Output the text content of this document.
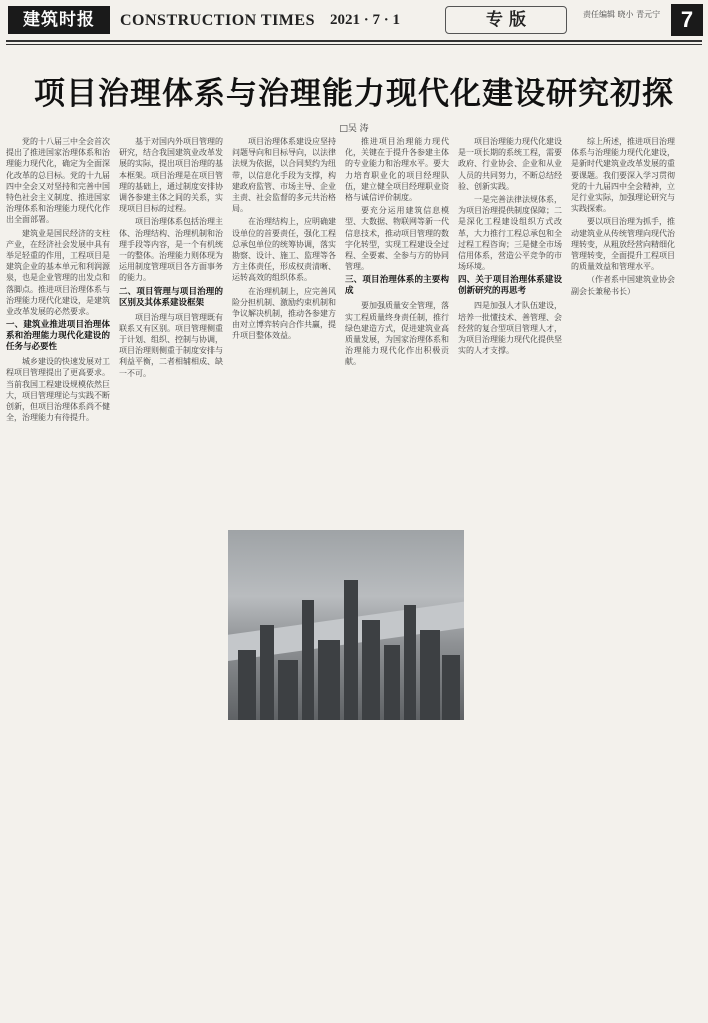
建筑时报	CONSTRUCTION TIMES 2021 · 7 · 1	专 版	责任编辑 晓小 青元宁 7
项目治理体系与治理能力现代化建设研究初探
□吴 涛

党的十八届三中全会首次提出了推进国家治理体系和治理能力现代化，确定为全面深化改革的总目标。党的十九届四中全会又对坚持和完善中国特色社会主义制度、推进国家治理体系和治理能力现代化作出全面部署。

建筑业是国民经济的支柱产业，在经济社会发展中具有举足轻重的作用，工程项目是建筑企业的基本单元和利润源泉，也是企业管理的出发点和落脚点。推进项目治理体系与治理能力现代化建设，是建筑业改革发展的必然要求。

一、建筑业推进项目治理体系和治理能力现代化建设的任务与必要性

城乡建设的快速发展对工程项目管理提出了更高要求。当前我国工程建设规模依然巨大，项目管理理论与实践不断创新，但项目治理体系尚不健全，治理能力有待提升。

基于对国内外项目管理的研究，结合我国建筑业改革发展的实际，提出项目治理的基本框架。项目治理是在项目管理的基础上，通过制度安排协调各参建主体之间的关系，实现项目目标的过程。

项目治理体系包括治理主体、治理结构、治理机制和治理手段等内容，是一个有机统一的整体。治理能力则体现为运用制度管理项目各方面事务的能力。

二、项目管理与项目治理的区别及其体系建设框架

项目治理与项目管理既有联系又有区别。项目管理侧重于计划、组织、控制与协调，项目治理则侧重于制度安排与利益平衡，二者相辅相成、缺一不可。

项目治理体系建设应坚持问题导向和目标导向，以法律法规为依据，以合同契约为纽带，以信息化手段为支撑，构建政府监管、市场主导、企业主责、社会监督的多元共治格局。

在治理结构上，应明确建设单位的首要责任，强化工程总承包单位的统筹协调，落实勘察、设计、施工、监理等各方主体责任，形成权责清晰、运转高效的组织体系。

在治理机制上，应完善风险分担机制、激励约束机制和争议解决机制，推动各参建方由对立博弈转向合作共赢，提升项目整体效益。

推进项目治理能力现代化，关键在于提升各参建主体的专业能力和治理水平。要大力培育职业化的项目经理队伍，建立健全项目经理职业资格与诚信评价制度。

要充分运用建筑信息模型、大数据、物联网等新一代信息技术，推动项目管理的数字化转型，实现工程建设全过程、全要素、全参与方的协同管理。

三、项目治理体系的主要构成

要加强质量安全管理，落实工程质量终身责任制，推行绿色建造方式，促进建筑业高质量发展，为国家治理体系和治理能力现代化作出积极贡献。

项目治理能力现代化建设是一项长期的系统工程，需要政府、行业协会、企业和从业人员的共同努力，不断总结经验、创新实践。

一是完善法律法规体系，为项目治理提供制度保障；二是深化工程建设组织方式改革，大力推行工程总承包和全过程工程咨询；三是健全市场信用体系，营造公平竞争的市场环境。

四、关于项目治理体系建设创新研究的再思考

四是加强人才队伍建设，培养一批懂技术、善管理、会经营的复合型项目管理人才，为项目治理能力现代化提供坚实的人才支撑。

综上所述，推进项目治理体系与治理能力现代化建设，是新时代建筑业改革发展的重要课题。我们要深入学习贯彻党的十九届四中全会精神，立足行业实际，加强理论研究与实践探索。

要以项目治理为抓手，推动建筑业从传统管理向现代治理转变，从粗放经营向精细化管理转变，全面提升工程项目的质量效益和管理水平。

（作者系中国建筑业协会副会长兼秘书长）
